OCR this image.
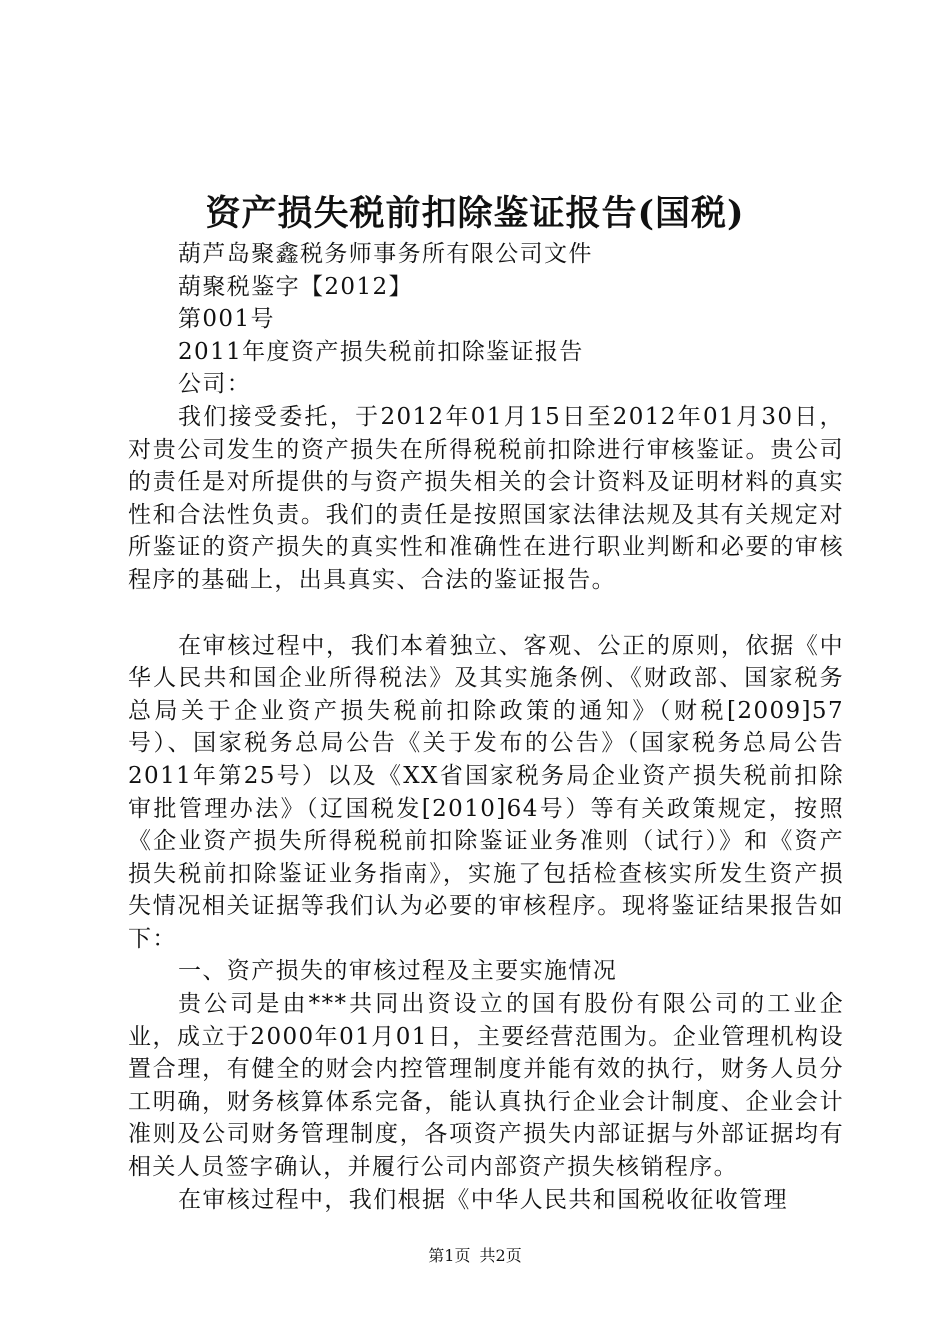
资产损失税前扣除鉴证报告(国税)

葫芦岛聚鑫税务师事务所有限公司文件

葫聚税鉴字【2012】

第001号

2011年度资产损失税前扣除鉴证报告

公司：

我们接受委托，于2012年01月15日至2012年01月30日，对贵公司发生的资产损失在所得税税前扣除进行审核鉴证。贵公司的责任是对所提供的与资产损失相关的会计资料及证明材料的真实性和合法性负责。我们的责任是按照国家法律法规及其有关规定对所鉴证的资产损失的真实性和准确性在进行职业判断和必要的审核程序的基础上，出具真实、合法的鉴证报告。

在审核过程中，我们本着独立、客观、公正的原则，依据《中华人民共和国企业所得税法》及其实施条例、《财政部、国家税务总局关于企业资产损失税前扣除政策的通知》（财税[2009]57号）、国家税务总局公告《关于发布的公告》（国家税务总局公告2011年第25号）以及《XX省国家税务局企业资产损失税前扣除审批管理办法》（辽国税发[2010]64号）等有关政策规定，按照《企业资产损失所得税税前扣除鉴证业务准则（试行）》和《资产损失税前扣除鉴证业务指南》，实施了包括检查核实所发生资产损失情况相关证据等我们认为必要的审核程序。现将鉴证结果报告如下：

一、资产损失的审核过程及主要实施情况

贵公司是由***共同出资设立的国有股份有限公司的工业企业，成立于2000年01月01日，主要经营范围为。企业管理机构设置合理，有健全的财会内控管理制度并能有效的执行，财务人员分工明确，财务核算体系完备，能认真执行企业会计制度、企业会计准则及公司财务管理制度，各项资产损失内部证据与外部证据均有相关人员签字确认，并履行公司内部资产损失核销程序。

在审核过程中，我们根据《中华人民共和国税收征收管理

第1页 共2页
